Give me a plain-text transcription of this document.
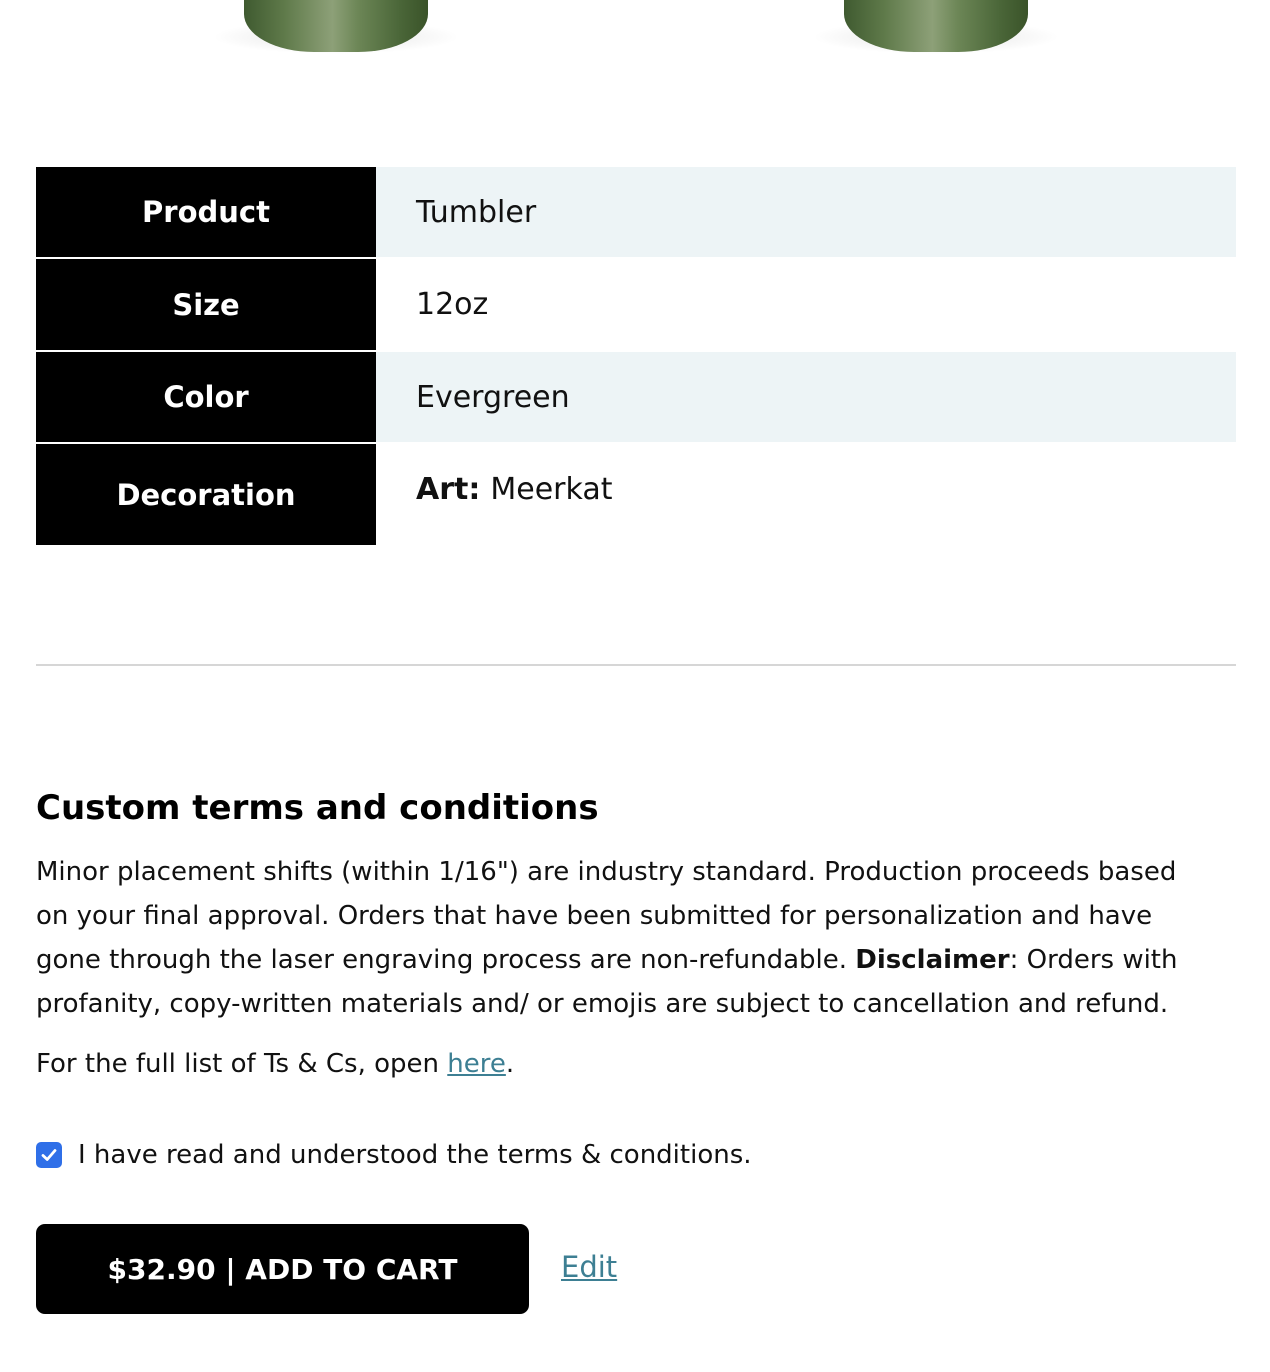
Product	Tumbler
Size	12oz
Color	Evergreen
Decoration	Art: Meerkat
Custom terms and conditions

Minor placement shifts (within 1/16") are industry standard. Production proceeds based on your final approval. Orders that have been submitted for personalization and have gone through the laser engraving process are non-refundable. Disclaimer: Orders with profanity, copy-written materials and/ or emojis are subject to cancellation and refund.

For the full list of Ts & Cs, open here.

I have read and understood the terms & conditions.
$32.90 | ADD TO CART	Edit
